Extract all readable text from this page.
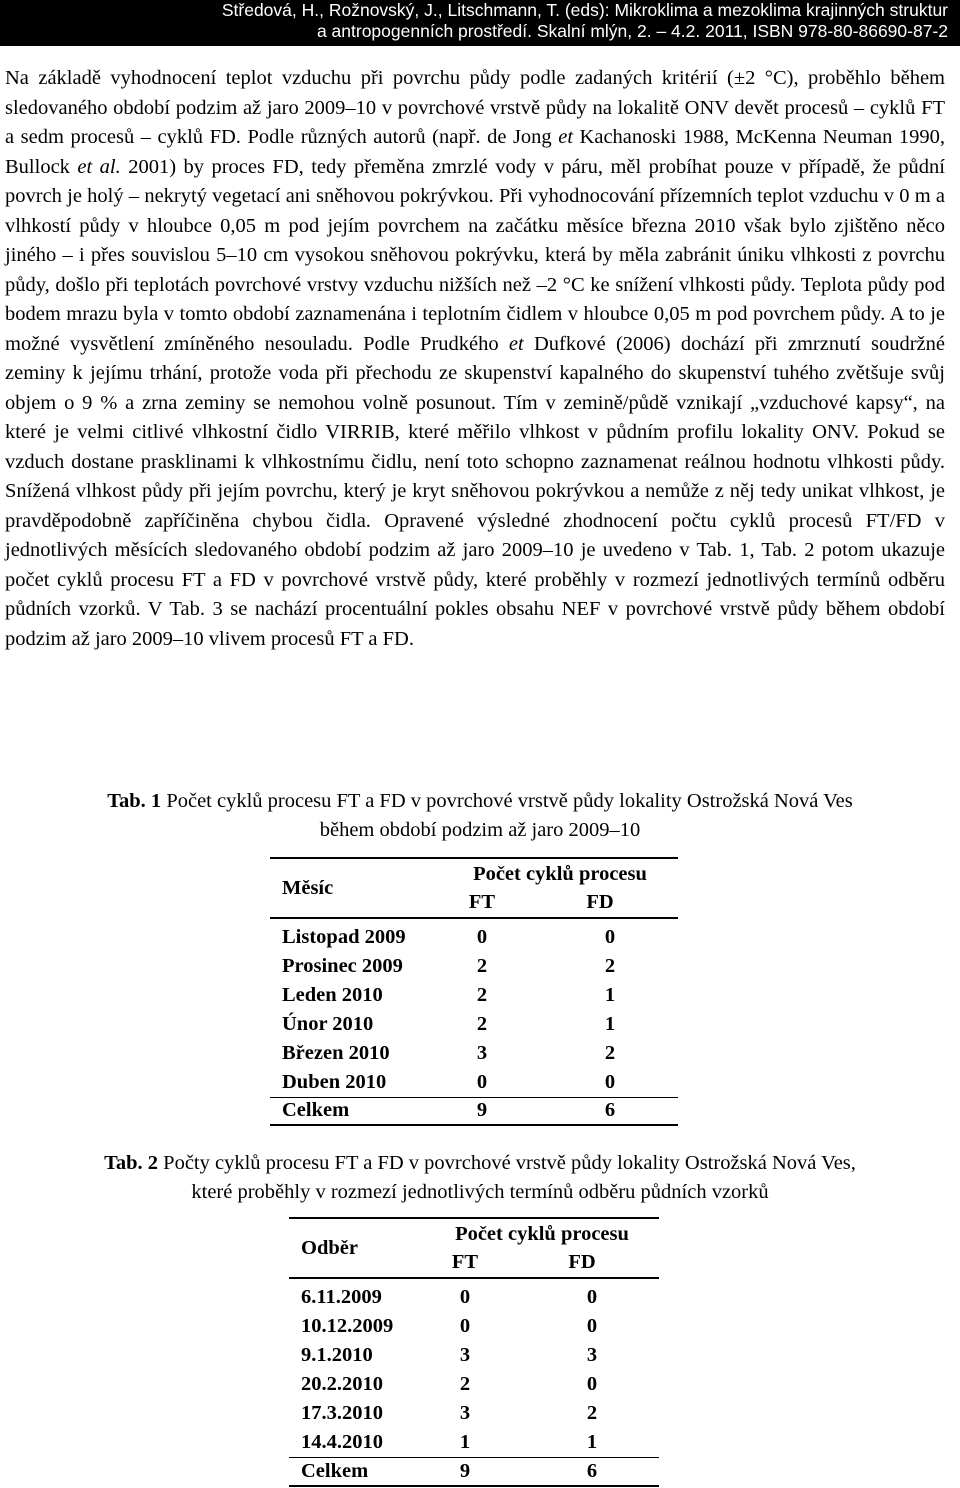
Středová, H., Rožnovský, J., Litschmann, T. (eds): Mikroklima a mezoklima krajinných struktur
a antropogenních prostředí. Skalní mlýn, 2. – 4.2. 2011, ISBN 978-80-86690-87-2
Na základě vyhodnocení teplot vzduchu při povrchu půdy podle zadaných kritérií (±2 °C), proběhlo během sledovaného období podzim až jaro 2009–10 v povrchové vrstvě půdy na lokalitě ONV devět procesů – cyklů FT a sedm procesů – cyklů FD. Podle různých autorů (např. de Jong et Kachanoski 1988, McKenna Neuman 1990, Bullock et al. 2001) by proces FD, tedy přeměna zmrzlé vody v páru, měl probíhat pouze v případě, že půdní povrch je holý – nekrytý vegetací ani sněhovou pokrývkou. Při vyhodnocování přízemních teplot vzduchu v 0 m a vlhkostí půdy v hloubce 0,05 m pod jejím povrchem na začátku měsíce března 2010 však bylo zjištěno něco jiného – i přes souvislou 5–10 cm vysokou sněhovou pokrývku, která by měla zabránit úniku vlhkosti z povrchu půdy, došlo při teplotách povrchové vrstvy vzduchu nižších než –2 °C ke snížení vlhkosti půdy. Teplota půdy pod bodem mrazu byla v tomto období zaznamenána i teplotním čidlem v hloubce 0,05 m pod povrchem půdy. A to je možné vysvětlení zmíněného nesouladu. Podle Prudkého et Dufkové (2006) dochází při zmrznutí soudržné zeminy k jejímu trhání, protože voda při přechodu ze skupenství kapalného do skupenství tuhého zvětšuje svůj objem o 9 % a zrna zeminy se nemohou volně posunout. Tím v zemině/půdě vznikají „vzduchové kapsy“, na které je velmi citlivé vlhkostní čidlo VIRRIB, které měřilo vlhkost v půdním profilu lokality ONV. Pokud se vzduch dostane prasklinami k vlhkostnímu čidlu, není toto schopno zaznamenat reálnou hodnotu vlhkosti půdy. Snížená vlhkost půdy při jejím povrchu, který je kryt sněhovou pokrývkou a nemůže z něj tedy unikat vlhkost, je pravděpodobně zapříčiněna chybou čidla. Opravené výsledné zhodnocení počtu cyklů procesů FT/FD v jednotlivých měsících sledovaného období podzim až jaro 2009–10 je uvedeno v Tab. 1, Tab. 2 potom ukazuje počet cyklů procesu FT a FD v povrchové vrstvě půdy, které proběhly v rozmezí jednotlivých termínů odběru půdních vzorků. V Tab. 3 se nachází procentuální pokles obsahu NEF v povrchové vrstvě půdy během období podzim až jaro 2009–10 vlivem procesů FT a FD.
Tab. 1 Počet cyklů procesu FT a FD v povrchové vrstvě půdy lokality Ostrožská Nová Ves
během období podzim až jaro 2009–10

Měsíc	Počet cyklů procesu	
	FT	FD

Listopad 2009	0	0
Prosinec 2009	2	2
Leden 2010	2	1
Únor 2010	2	1
Březen 2010	3	2
Duben 2010	0	0
Celkem	9	6

Tab. 2 Počty cyklů procesu FT a FD v povrchové vrstvě půdy lokality Ostrožská Nová Ves,
které proběhly v rozmezí jednotlivých termínů odběru půdních vzorků

Odběr	Počet cyklů procesu	
	FT	FD

6.11.2009	0	0
10.12.2009	0	0
9.1.2010	3	3
20.2.2010	2	0
17.3.2010	3	2
14.4.2010	1	1
Celkem	9	6
